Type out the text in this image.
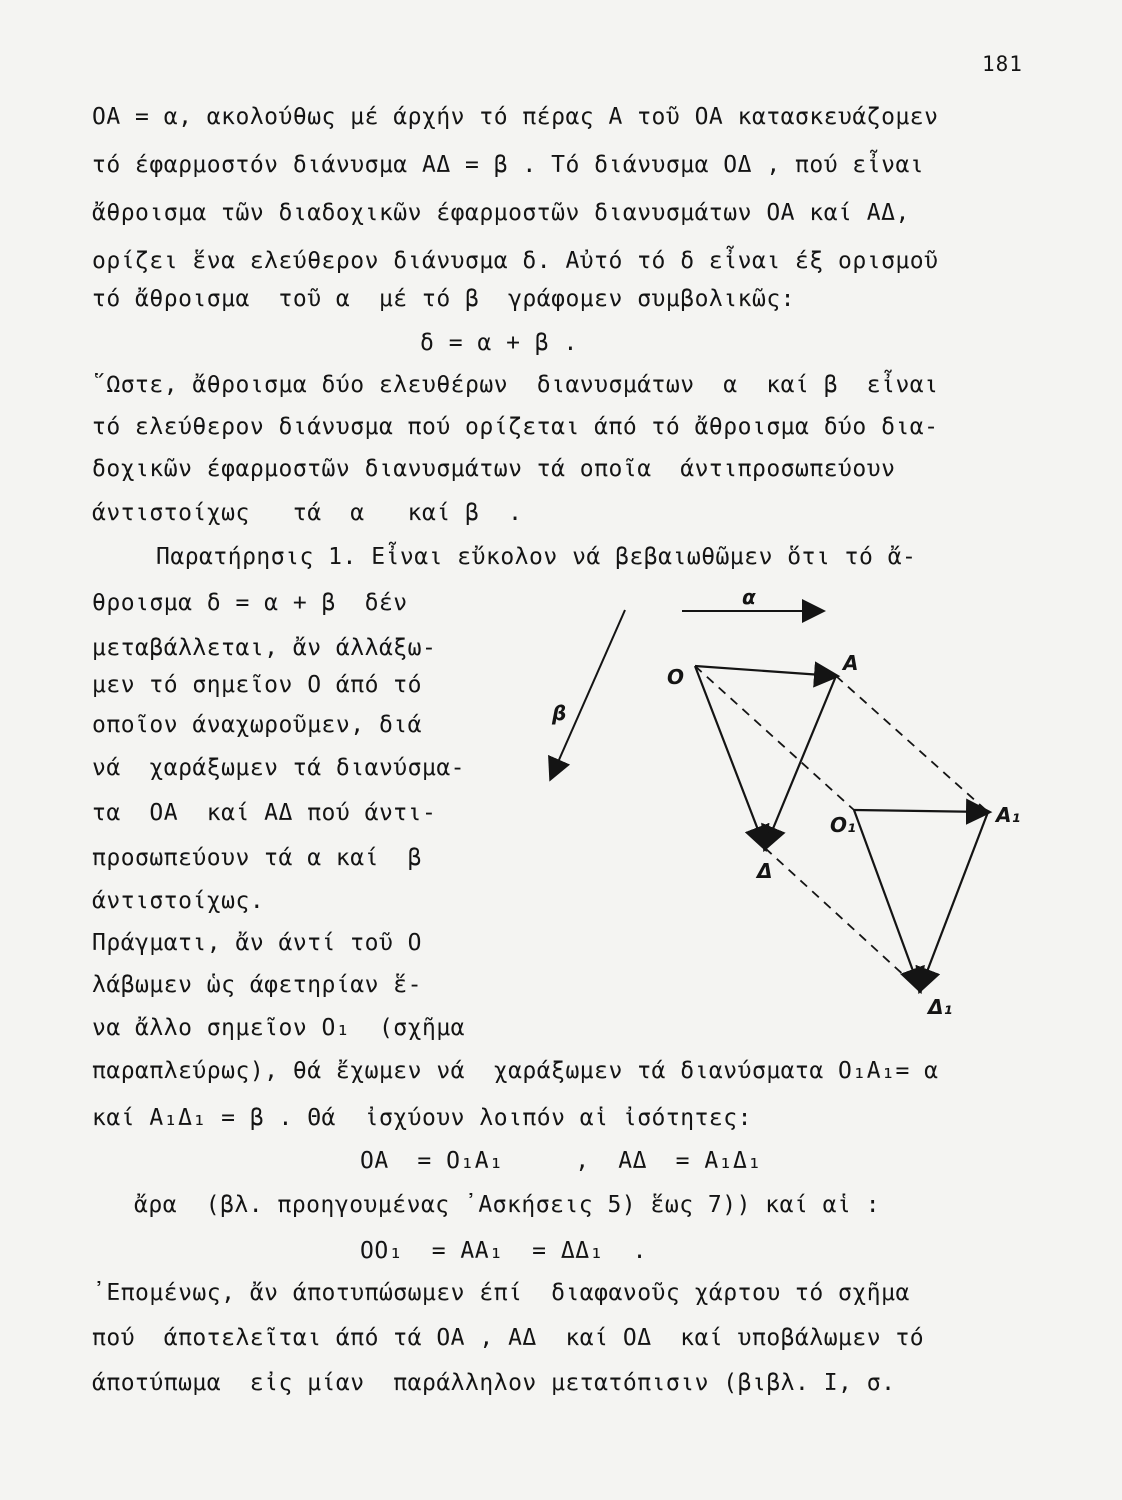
181
ΟΑ = α, ακολούθως μέ άρχήν τό πέρας Α τοῦ ΟΑ κατασκευάζομεν
τό έφαρμοστόν διάνυσμα ΑΔ = β . Τό διάνυσμα ΟΔ , πού εἶναι
ἄθροισμα τῶν διαδοχικῶν έφαρμοστῶν διανυσμάτων ΟΑ καί ΑΔ,
ορίζει ἕνα ελεύθερον διάνυσμα δ. Αὐτό τό δ εἶναι έξ ορισμοῦ
τό ἄθροισμα  τοῦ α  μέ τό β  γράφομεν συμβολικῶς:
δ = α + β .
῞Ωστε, ἄθροισμα δύο ελευθέρων  διανυσμάτων  α  καί β  εἶναι
τό ελεύθερον διάνυσμα πού ορίζεται άπό τό ἄθροισμα δύο δια-
δοχικῶν έφαρμοστῶν διανυσμάτων τά οποῖα  άντιπροσωπεύουν
άντιστοίχως   τά  α   καί β  .
Παρατήρησις 1. Εἶναι εὔκολον νά βεβαιωθῶμεν ὅτι τό ἄ-
θροισμα δ = α + β  δέν
μεταβάλλεται, ἄν άλλάξω-
μεν τό σημεῖον Ο άπό τό
οποῖον άναχωροῦμεν, διά
νά  χαράξωμεν τά διανύσμα-
τα  ΟΑ  καί ΑΔ πού άντι-
προσωπεύουν τά α καί  β
άντιστοίχως.
Πράγματι, ἄν άντί τοῦ Ο
λάβωμεν ὡς άφετηρίαν ἕ-
να ἄλλο σημεῖον Ο₁  (σχῆμα
παραπλεύρως), θά ἔχωμεν νά  χαράξωμεν τά διανύσματα Ο₁Α₁= α
καί Α₁Δ₁ = β . Θά  ἰσχύουν λοιπόν αἱ ἰσότητες:
ΟΑ  = Ο₁Α₁     ,  ΑΔ  = Α₁Δ₁
ἄρα  (βλ. προηγουμένας ᾿Ασκήσεις 5) ἕως 7)) καί αἱ :
ΟΟ₁  = ΑΑ₁  = ΔΔ₁  .
᾿Επομένως, ἄν άποτυπώσωμεν έπί  διαφανοῦς χάρτου τό σχῆμα
πού  άποτελεῖται άπό τά ΟΑ , ΑΔ  καί ΟΔ  καί υποβάλωμεν τό
άποτύπωμα  εἰς μίαν  παράλληλον μετατόπισιν (βιβλ. Ι, σ.
α
β
O
A
Δ
O₁	A₁
Δ₁
